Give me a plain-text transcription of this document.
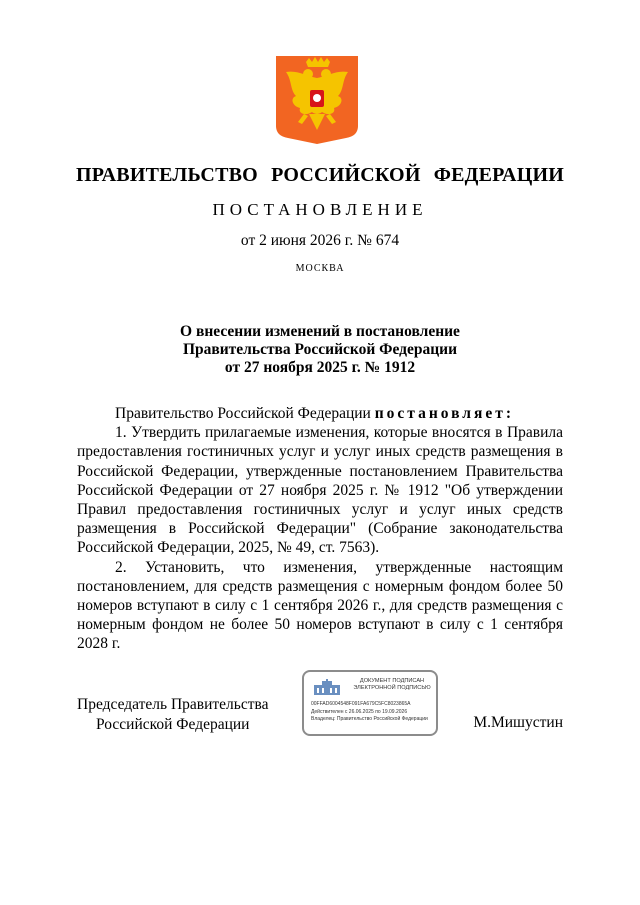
ПРАВИТЕЛЬСТВО РОССИЙСКОЙ ФЕДЕРАЦИИ
ПОСТАНОВЛЕНИЕ
от 2 июня 2026 г. № 674
МОСКВА
О внесении изменений в постановление
Правительства Российской Федерации
от 27 ноября 2025 г. № 1912

Правительство Российской Федерации постановляет:

1. Утвердить прилагаемые изменения, которые вносятся в Правила предоставления гостиничных услуг и услуг иных средств размещения в Российской Федерации, утвержденные постановлением Правительства Российской Федерации от 27 ноября 2025 г. № 1912 "Об утверждении Правил предоставления гостиничных услуг и услуг иных средств размещения в Российской Федерации" (Собрание законодательства Российской Федерации, 2025, № 49, ст. 7563).

2. Установить, что изменения, утвержденные настоящим постановлением, для средств размещения с номерным фондом более 50 номеров вступают в силу с 1 сентября 2026 г., для средств размещения с номерным фондом не более 50 номеров вступают в силу с 1 сентября 2028 г.

Председатель Правительства
Российской Федерации
ДОКУМЕНТ ПОДПИСАН
ЭЛЕКТРОННОЙ ПОДПИСЬЮ
00FFAD6004548F091FA679C5FC8023865A
Действителен с 26.06.2025 по 19.09.2026
Владелец: Правительство Российской Федерации	М.Мишустин
